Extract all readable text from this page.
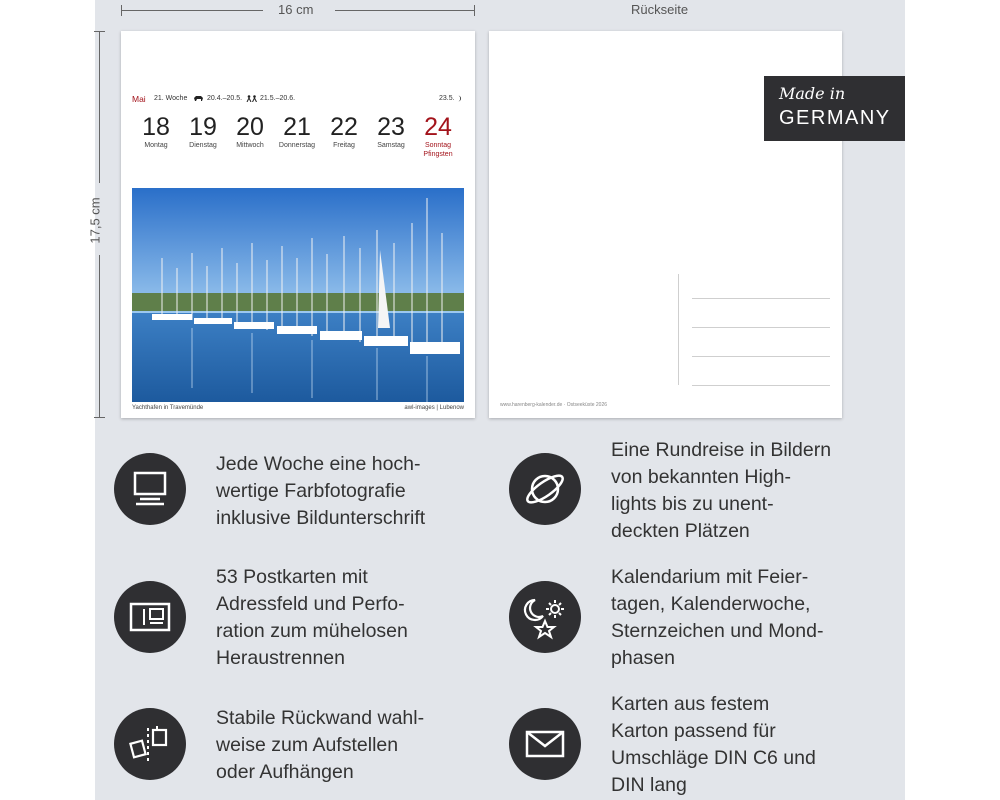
16 cm	Rückseite
17,5 cm
Mai 21. Woche	20.4.–20.5.	21.5.–20.6.	23.5.
18
Montag
19
Dienstag
20
Mittwoch
21
Donnerstag
22
Freitag
23
Samstag
24
Sonntag
Pfingsten
Yachthafen in Travemünde	awl-images | Lubenow	www.harenberg-kalender.de · Ostseeküste 2026
Made in
GERMANY
Jede Woche eine hoch-
wertige Farbfotografie
inklusive Bildunterschrift
Eine Rundreise in Bildern
von bekannten High-
lights bis zu unent-
deckten Plätzen
53 Postkarten mit
Adressfeld und Perfo-
ration zum mühelosen
Heraustrennen
Kalendarium mit Feier-
tagen, Kalenderwoche,
Sternzeichen und Mond-
phasen
Stabile Rückwand wahl-
weise zum Aufstellen
oder Aufhängen
Karten aus festem
Karton passend für
Umschläge DIN C6 und
DIN lang
